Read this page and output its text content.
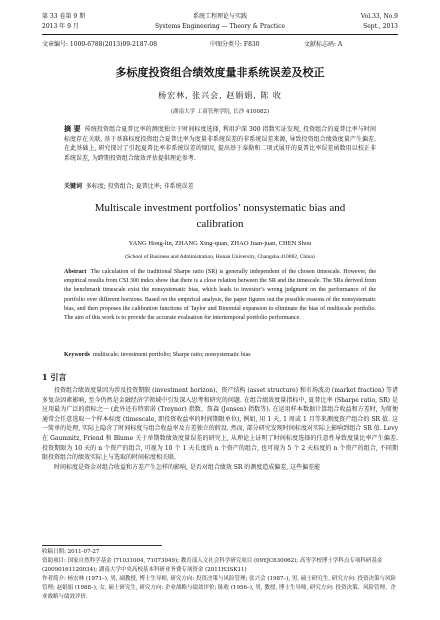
第 33 卷第 9 期
2013 年 9 月
系统工程理论与实践
Systems Engineering — Theory & Practice
Vol.33, No.9
Sept., 2013
文章编号: 1000-6788(2013)09-2187-08	中图分类号: F830	文献标志码: A
多标度投资组合绩效度量非系统误差及校正
杨宏林, 张兴会, 赵娟娟, 陈 收
(湖南大学 工商管理学院, 长沙 410082)
摘 要 传统投资组合夏普比率的测度独立于时间标度选择, 利用沪深 300 指数实证发现, 投资组合的夏普比率与时间标度存在关联, 基于基准标度投资组合夏普比率为度量非系统误差的非系统误差来源, 导致投资组合绩效度量产生偏差. 在此基础上, 研究探讨了引起夏普比率非系统误差的原因, 提出基于泰勒和二项式展开的夏普比率误差函数用以校正非系统误差, 为跨期投资组合绩效评估提供理论参考.
关键词 多标度; 投资组合; 夏普比率; 非系统误差
Multiscale investment portfolios’ nonsystematic bias and
calibration
YANG Hong-lin, ZHANG Xing-quan, ZHAO Juan-juan, CHEN Shou
(School of Business and Administration, Hunan University, Changsha 410082, China)
Abstract The calculation of the traditional Sharpe ratio (SR) is generally independent of the chosen timescale. However, the empirical results from CSI 300 index show that there is a close relation between the SR and the timescale. The SRs derived from the benchmark timescale exist the nonsystematic bias, which leads to investor’s wrong judgment on the performance of the portfolio over different horizons. Based on the empirical analysis, the paper figures out the possible reasons of the nonsystematic bias, and then proposes the calibration functions of Taylor and Binomial expansion to eliminate the bias of multiscale portfolio. The aim of this work is to provide the accurate evaluation for intertemporal portfolio performance.
Keywords multiscale; investment portfolio; Sharpe ratio; nonsystematic bias
1 引言

投资组合绩效度量因为涉及投资期限 (investment horizon)、资产结构 (asset structure) 和市场波动 (market fraction) 等诸多复杂因素影响, 至今仍然是金融经济学领域中引发深入思考和研究的问题. 在组合绩效度量指标中, 夏普比率 (Sharpe ratio, SR) 是应用最为广泛的指标之一 (此外还有特雷诺 (Treynor) 指数、詹森 (Jensen) 指数等). 在运用样本数据计算组合收益和方差时, 为简便通常会任意选取一个样本标度 (timescale, 即投资收益率的时间期限单位), 例如, 用 1 天, 1 周或 1 月等来测度资产组合的 SR 值. 这一简单的处理, 实际上隐含了时间标度与组合收益率及方差独立的假设. 然而, 部分研究发现时间标度对实际上影响到组合 SR 值. Levy 在 Gaumnitz, Friend 和 Blume 关于单期数绩效度量误差的研究上, 从理论上证明了时间标度选择的任意性导致度量比率产生偏差. 投资期限为 10 天的 n 个资产的组合, 可视为 10 个 1 天长度的 n 个资产的组合, 也可视为 5 个 2 天标度的 n 个资产的组合, 不同期限投资组合的绩效实际上与选取的时间标度相关联.

时间标度是资金对组合收益和方差产生怎样的影响, 是否对组合绩效 SR 的测度造成偏差, 这些偏差能

收稿日期: 2011-07-27
资助项目: 国家自然科学基金 (71031004, 71073049); 教育部人文社会科学研究项目 (09YJC630062); 高等学校博士学科点专项科研基金 (20090161120034); 湖南大学中央高校基本科研业务费专项资金 (2011H3SK11)
作者简介: 杨宏林 (1971–), 男, 副教授, 博士生导师, 研究方向: 投资决策与风险管理; 张兴会 (1987–), 男, 硕士研究生, 研究方向: 投资决策与风险管理; 赵娟娟 (1988–), 女, 硕士研究生, 研究方向: 企业战略与绩效评价; 陈收 (1956–), 男, 教授, 博士生导师, 研究方向: 投资决策、风险管理、企业战略与绩效评价.
